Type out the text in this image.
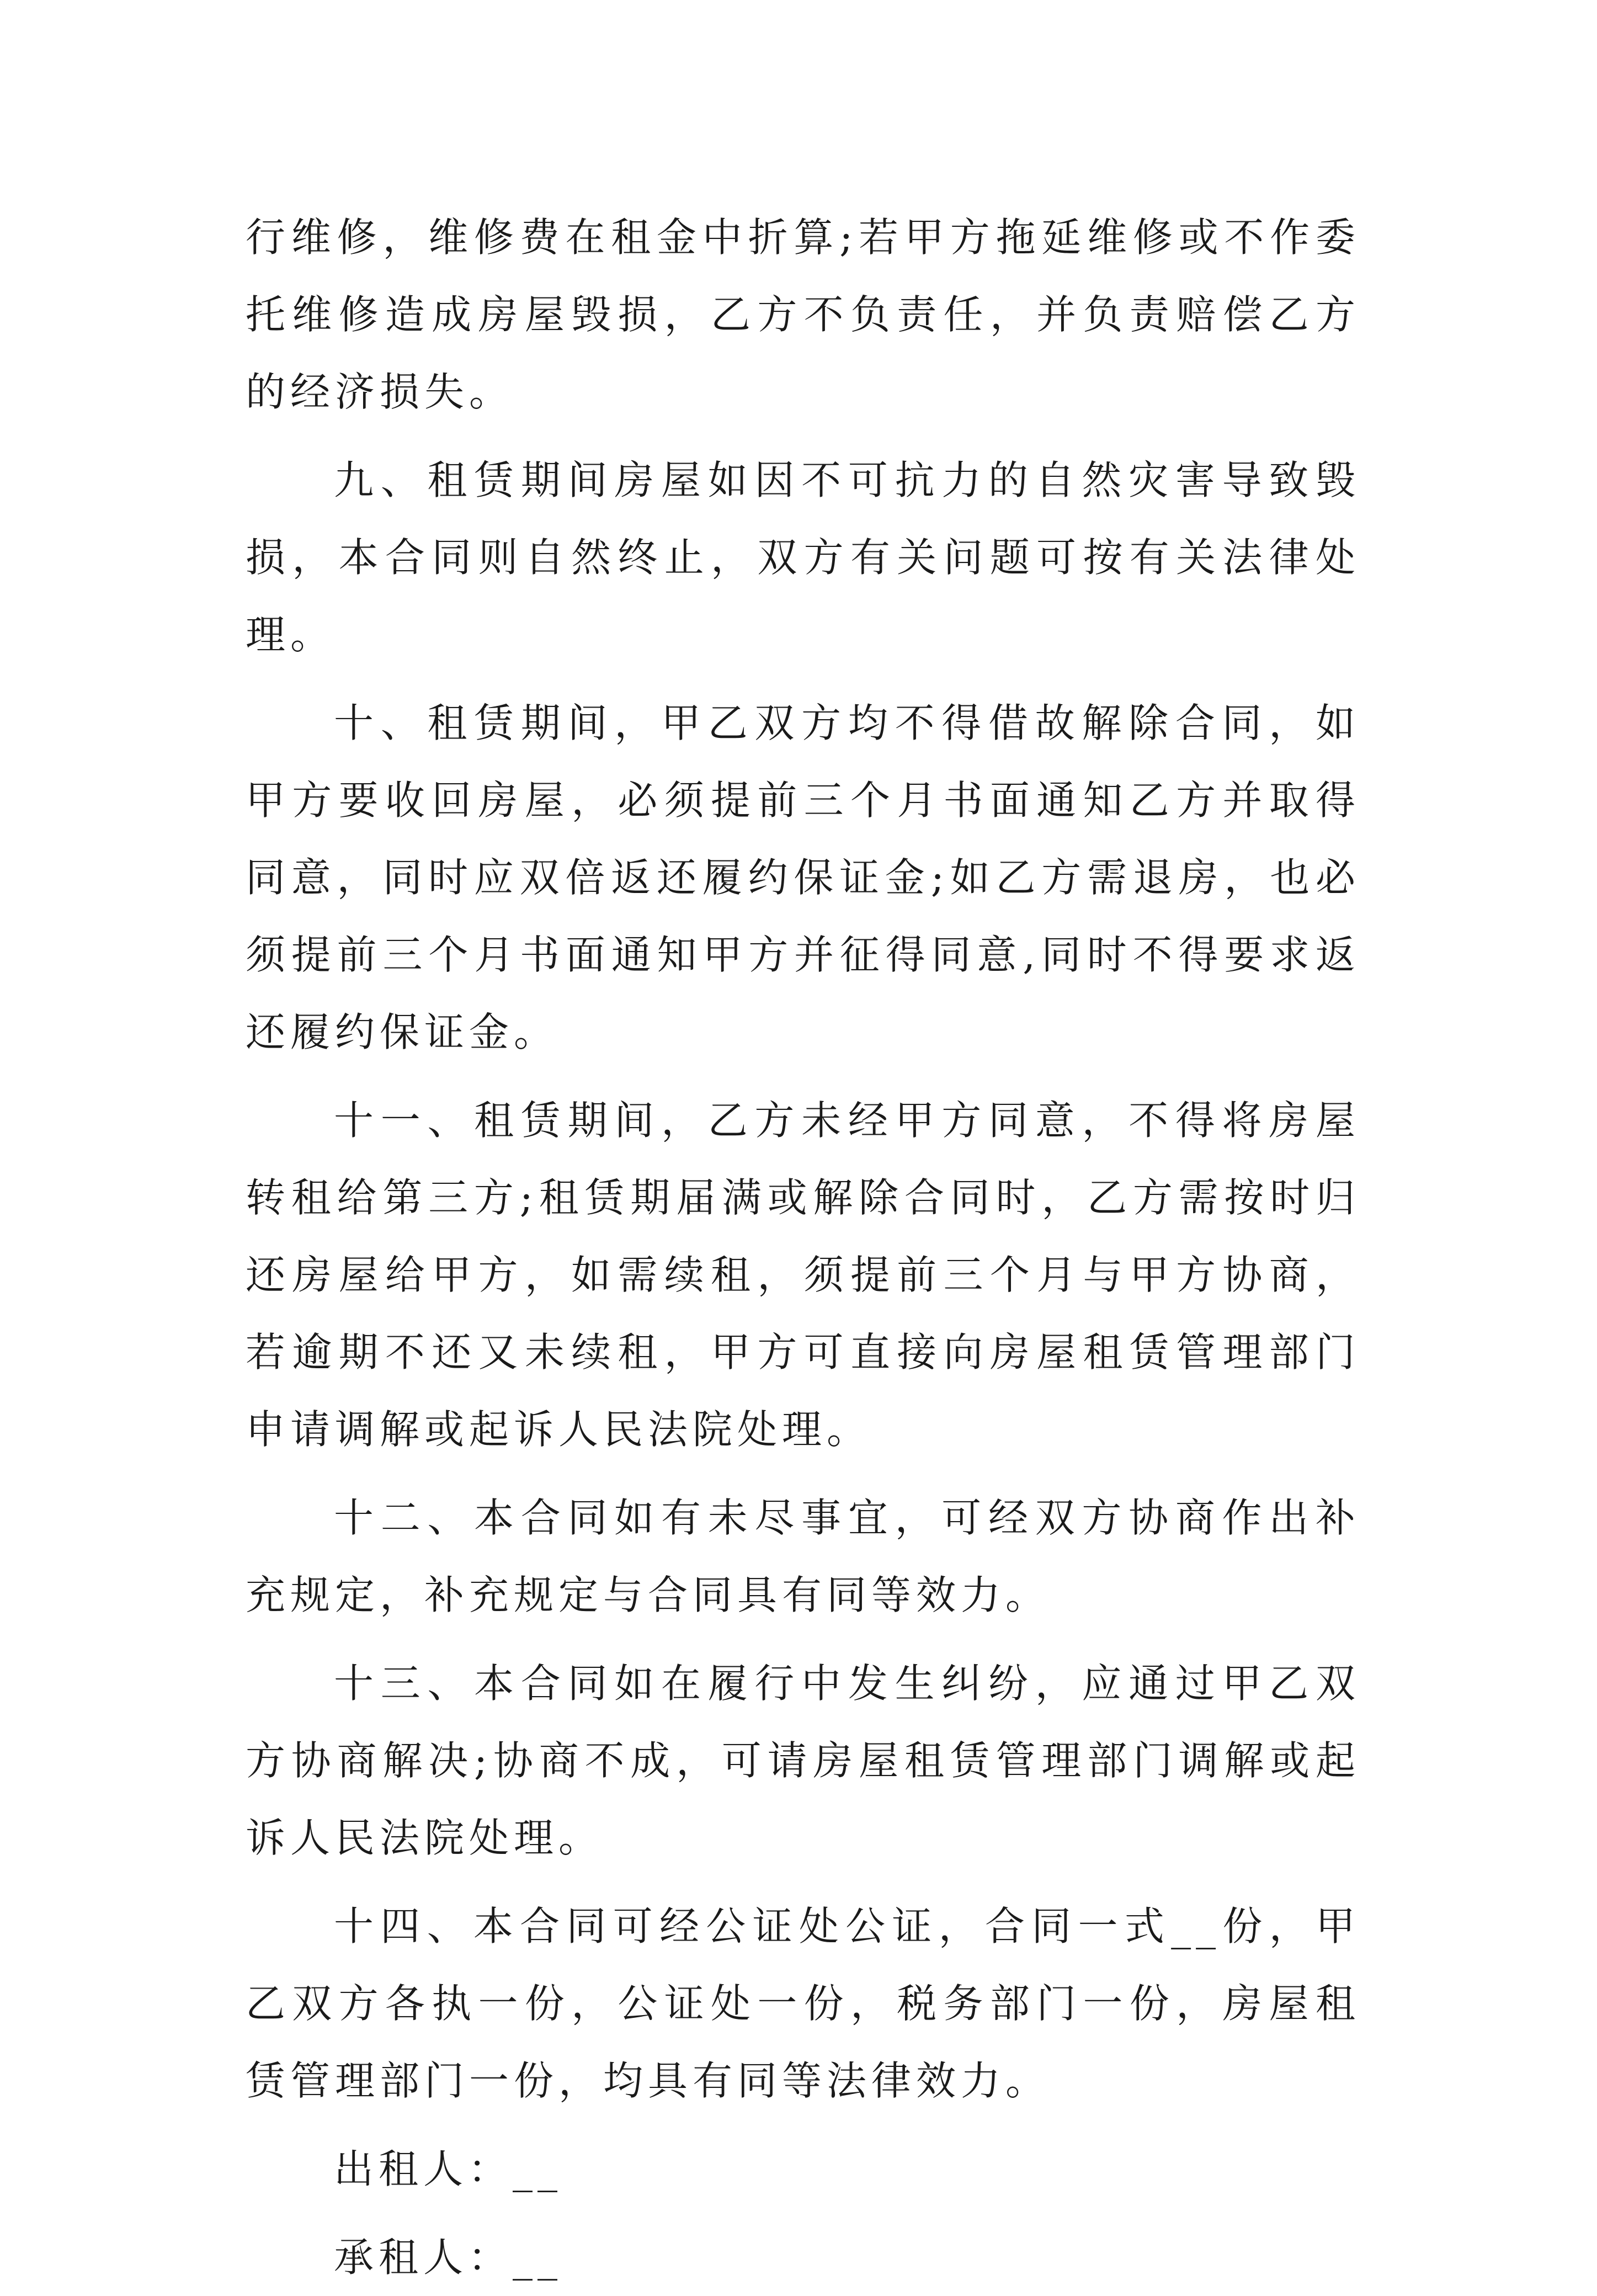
行维修，维修费在租金中折算;若甲方拖延维修或不作委托维修造成房屋毁损，乙方不负责任，并负责赔偿乙方的经济损失。

九、租赁期间房屋如因不可抗力的自然灾害导致毁损，本合同则自然终止，双方有关问题可按有关法律处理。

十、租赁期间，甲乙双方均不得借故解除合同，如甲方要收回房屋，必须提前三个月书面通知乙方并取得同意，同时应双倍返还履约保证金;如乙方需退房，也必须提前三个月书面通知甲方并征得同意,同时不得要求返还履约保证金。

十一、租赁期间，乙方未经甲方同意，不得将房屋转租给第三方;租赁期届满或解除合同时，乙方需按时归还房屋给甲方，如需续租，须提前三个月与甲方协商，若逾期不还又未续租，甲方可直接向房屋租赁管理部门申请调解或起诉人民法院处理。

十二、本合同如有未尽事宜，可经双方协商作出补充规定，补充规定与合同具有同等效力。

十三、本合同如在履行中发生纠纷，应通过甲乙双方协商解决;协商不成，可请房屋租赁管理部门调解或起诉人民法院处理。

十四、本合同可经公证处公证，合同一式__份，甲乙双方各执一份，公证处一份，税务部门一份，房屋租赁管理部门一份，均具有同等法律效力。

出租人：__

承租人：__
